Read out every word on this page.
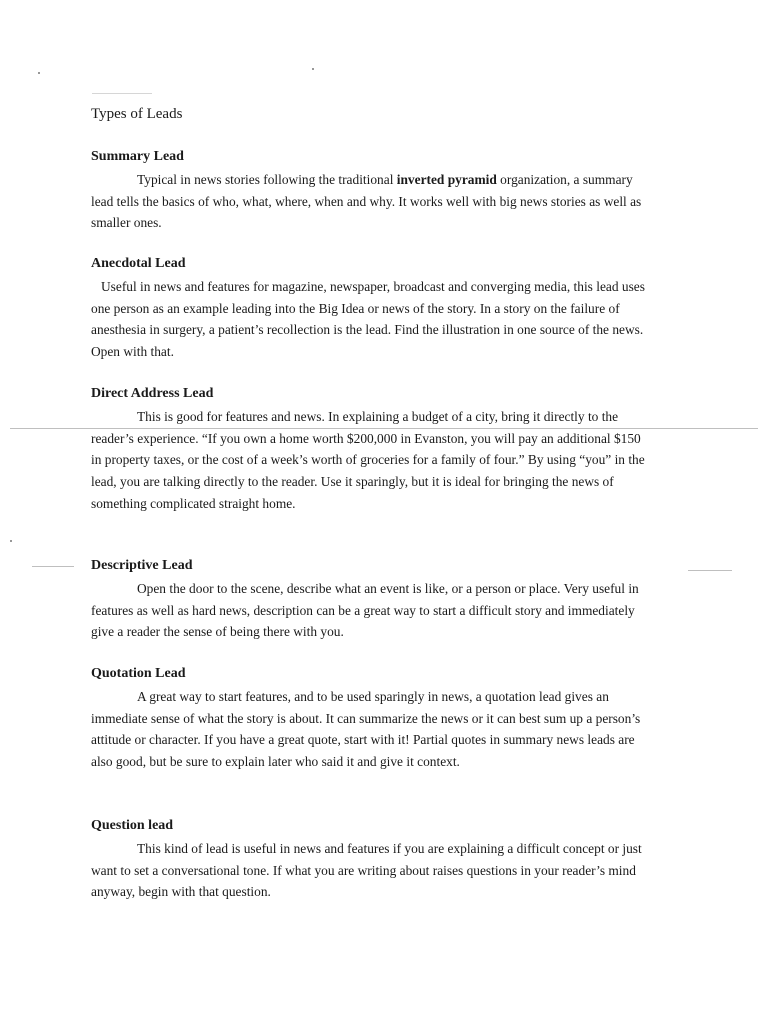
Types of Leads
Summary Lead

Typical in news stories following the traditional inverted pyramid organization, a summary lead tells the basics of who, what, where, when and why. It works well with big news stories as well as smaller ones.

Anecdotal Lead

Useful in news and features for magazine, newspaper, broadcast and converging media, this lead uses one person as an example leading into the Big Idea or news of the story. In a story on the failure of anesthesia in surgery, a patient’s recollection is the lead. Find the illustration in one source of the news. Open with that.

Direct Address Lead

This is good for features and news. In explaining a budget of a city, bring it directly to the reader’s experience. “If you own a home worth $200,000 in Evanston, you will pay an additional $150 in property taxes, or the cost of a week’s worth of groceries for a family of four.” By using “you” in the lead, you are talking directly to the reader. Use it sparingly, but it is ideal for bringing the news of something complicated straight home.

Descriptive Lead

Open the door to the scene, describe what an event is like, or a person or place. Very useful in features as well as hard news, description can be a great way to start a difficult story and immediately give a reader the sense of being there with you.

Quotation Lead

A great way to start features, and to be used sparingly in news, a quotation lead gives an immediate sense of what the story is about. It can summarize the news or it can best sum up a person’s attitude or character. If you have a great quote, start with it! Partial quotes in summary news leads are also good, but be sure to explain later who said it and give it context.

Question lead

This kind of lead is useful in news and features if you are explaining a difficult concept or just want to set a conversational tone. If what you are writing about raises questions in your reader’s mind anyway, begin with that question.
